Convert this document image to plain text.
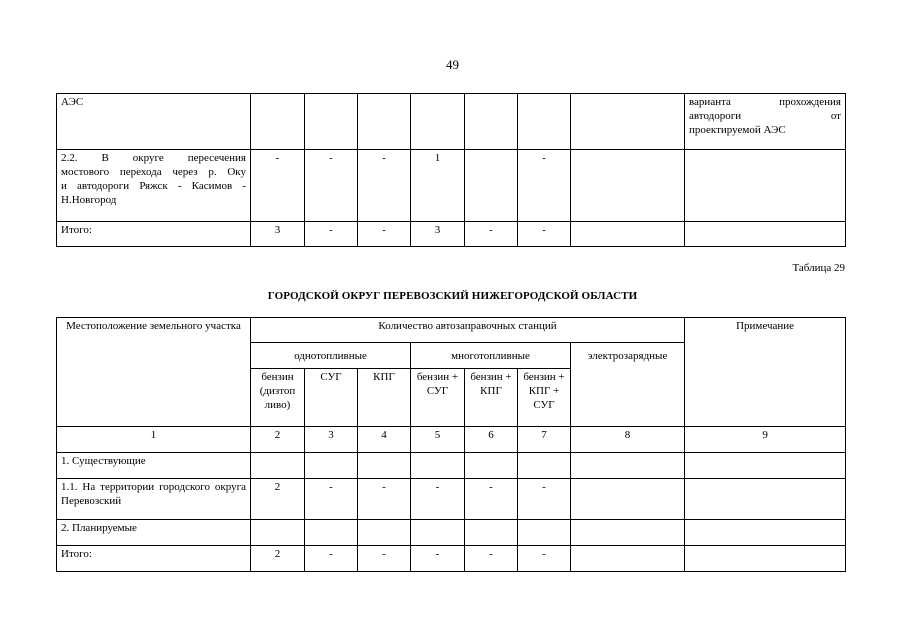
49
АЭС								варианта прохождения
автодороги от
проектируемой АЭС

2.2. В округе пересечения
мостового перехода через р. Оку
и автодороги Ряжск - Касимов -
Н.Новгород	-	-	-	1		-		

Итого:	3	-	-	3	-	-		
Таблица 29
ГОРОДСКОЙ ОКРУГ ПЕРЕВОЗСКИЙ НИЖЕГОРОДСКОЙ ОБЛАСТИ
Местоположение земельного участка	Количество автозаправочных станций							Примечание
	однотопливные			многотопливные			электрозарядные	
	бензин (дизтоп ливо)	СУГ	КПГ	бензин + СУГ	бензин + КПГ	бензин + КПГ + СУГ		
1	2	3	4	5	6	7	8	9
1. Существующие								
1.1. На территории городского округа Перевозский	2	-	-	-	-	-		
2. Планируемые								
Итого:	2	-	-	-	-	-		
